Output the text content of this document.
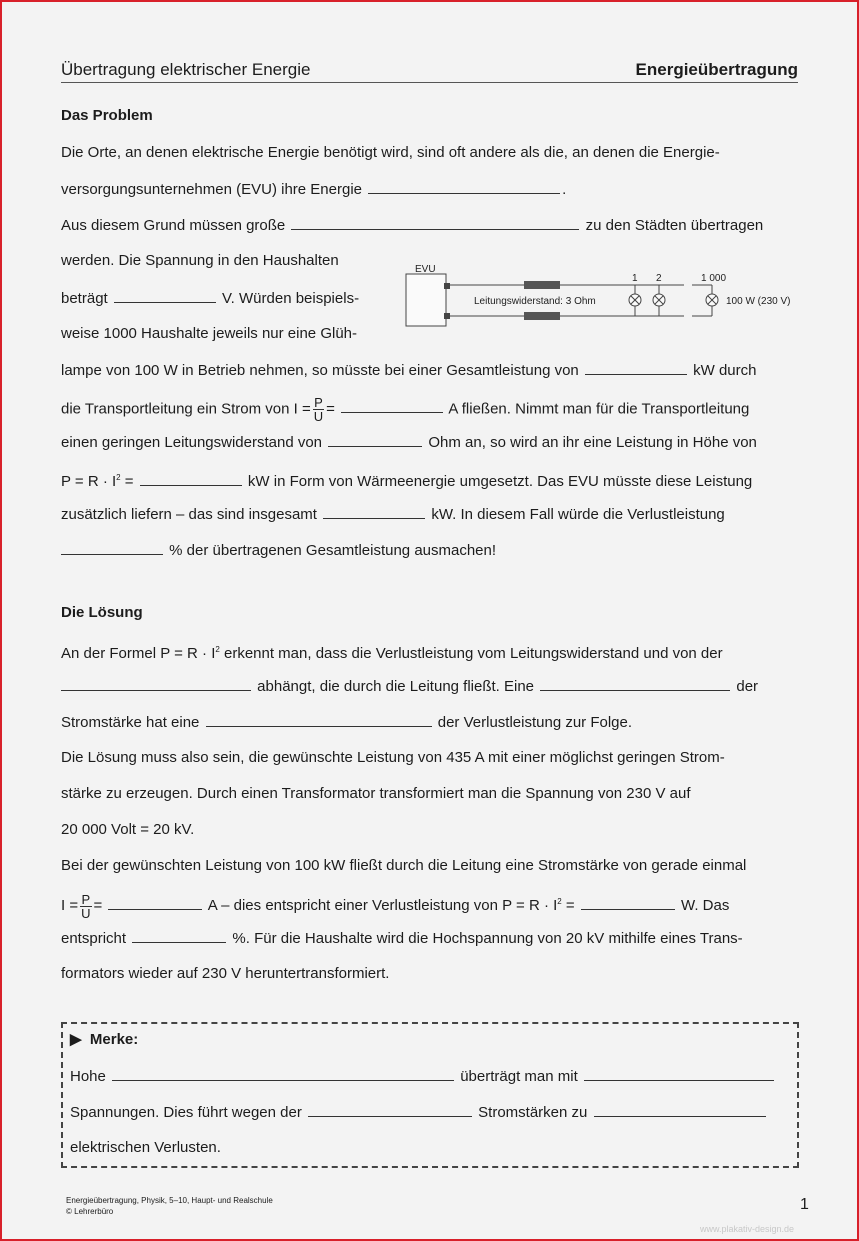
Übertragung elektrischer Energie	Energieübertragung
Das Problem
Die Orte, an denen elektrische Energie benötigt wird, sind oft andere als die, an denen die Energie-
versorgungsunternehmen (EVU) ihre Energie	.
Aus diesem Grund müssen große	zu den Städten übertragen
werden. Die Spannung in den Haushalten
beträgt	V. Würden beispiels-
weise 1000 Haushalte jeweils nur eine Glüh-
EVU
Leitungswiderstand: 3 Ohm
1 2	1 000
100 W (230 V)
lampe von 100 W in Betrieb nehmen, so müsste bei einer Gesamtleistung von	kW durch
die Transportleitung ein Strom von $I = \frac{P}{U}$ =	A fließen. Nimmt man für die Transportleitung
einen geringen Leitungswiderstand von	Ohm an, so wird an ihr eine Leistung in Höhe von
$P = R \cdot I^2$ =	kW in Form von Wärmeenergie umgesetzt. Das EVU müsste diese Leistung
zusätzlich liefern – das sind insgesamt	kW. In diesem Fall würde die Verlustleistung
% der übertragenen Gesamtleistung ausmachen!
Die Lösung
An der Formel $P = R \cdot I^2$ erkennt man, dass die Verlustleistung vom Leitungswiderstand und von der
abhängt, die durch die Leitung fließt. Eine	der
Stromstärke hat eine	der Verlustleistung zur Folge.
Die Lösung muss also sein, die gewünschte Leistung von 435 A mit einer möglichst geringen Strom-
stärke zu erzeugen. Durch einen Transformator transformiert man die Spannung von 230 V auf
20 000 Volt = 20 kV.
Bei der gewünschten Leistung von 100 kW fließt durch die Leitung eine Stromstärke von gerade einmal
$I = \frac{P}{U}$ =	A – dies entspricht einer Verlustleistung von $P = R \cdot I^2$ =	W. Das
entspricht	%. Für die Haushalte wird die Hochspannung von 20 kV mithilfe eines Trans-
formators wieder auf 230 V heruntertransformiert.
▶ Merke:
Hohe	überträgt man mit
Spannungen. Dies führt wegen der	Stromstärken zu
elektrischen Verlusten.
Energieübertragung, Physik, 5–10, Haupt- und Realschule
© Lehrerbüro	1
www.plakativ-design.de
